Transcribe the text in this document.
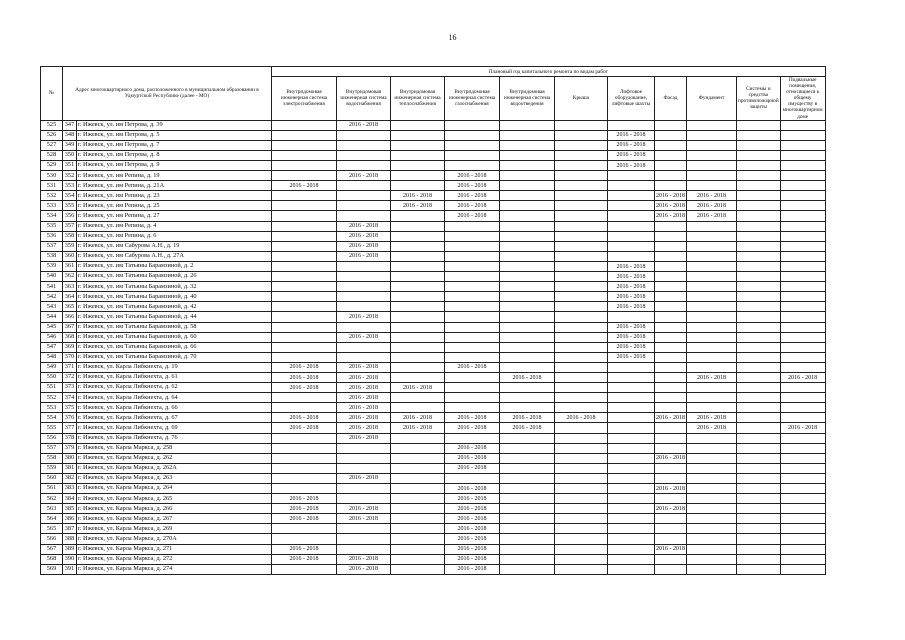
16
№	Адрес многоквартирного дома, расположенного в муниципальном образовании в Удмуртской Республике (далее - МО)		Плановый год капитального ремонта по видам работ										
			Внутридомовая инженерная система электроснабжения	Внутридомовая инженерная система водоснабжения	Внутридомовая инженерная система теплоснабжения	Внутридомовая инженерная система газоснабжения	Внутридомовая инженерная система водоотведения	Крыша	Лифтовое оборудование, лифтовые шахты	Фасад	Фундамент	Системы и средства противопожарной защиты	Подвальные помещения, относящиеся к общему имуществу в многоквартирном доме
525	347	г. Ижевск, ул. им Петрова, д. 39		2016 - 2018									
526	348	г. Ижевск, ул. им Петрова, д. 5							2016 - 2018				
527	349	г. Ижевск, ул. им Петрова, д. 7							2016 - 2018				
528	350	г. Ижевск, ул. им Петрова, д. 8							2016 - 2018				
529	351	г. Ижевск, ул. им Петрова, д. 9							2016 - 2018				
530	352	г. Ижевск, ул. им Репина, д. 19		2016 - 2018		2016 - 2018							
531	353	г. Ижевск, ул. им Репина, д. 21А	2016 - 2018			2016 - 2018							
532	354	г. Ижевск, ул. им Репина, д. 23			2016 - 2018	2016 - 2018				2016 - 2018	2016 - 2018		
533	355	г. Ижевск, ул. им Репина, д. 25			2016 - 2018	2016 - 2018				2016 - 2018	2016 - 2018		
534	356	г. Ижевск, ул. им Репина, д. 27				2016 - 2018				2016 - 2018	2016 - 2018		
535	357	г. Ижевск, ул. им Репина, д. 4		2016 - 2018									
536	358	г. Ижевск, ул. им Репина, д. 6		2016 - 2018									
537	359	г. Ижевск, ул. им Сабурова А.Н., д. 19		2016 - 2018									
538	360	г. Ижевск, ул. им Сабурова А.Н., д. 27А		2016 - 2018									
539	361	г. Ижевск, ул. им Татьяны Барамзиной, д. 2							2016 - 2018				
540	362	г. Ижевск, ул. им Татьяны Барамзиной, д. 26							2016 - 2018				
541	363	г. Ижевск, ул. им Татьяны Барамзиной, д. 32							2016 - 2018				
542	364	г. Ижевск, ул. им Татьяны Барамзиной, д. 40							2016 - 2018				
543	365	г. Ижевск, ул. им Татьяны Барамзиной, д. 42							2016 - 2018				
544	366	г. Ижевск, ул. им Татьяны Барамзиной, д. 44		2016 - 2018									
545	367	г. Ижевск, ул. им Татьяны Барамзиной, д. 58							2016 - 2018				
546	368	г. Ижевск, ул. им Татьяны Барамзиной, д. 60		2016 - 2018					2016 - 2018				
547	369	г. Ижевск, ул. им Татьяны Барамзиной, д. 66							2016 - 2018				
548	370	г. Ижевск, ул. им Татьяны Барамзиной, д. 70							2016 - 2018				
549	371	г. Ижевск, ул. Карла Либкнехта, д. 19	2016 - 2018	2016 - 2018		2016 - 2018							
550	372	г. Ижевск, ул. Карла Либкнехта, д. 61	2016 - 2018	2016 - 2018			2016 - 2018				2016 - 2018		2016 - 2018
551	373	г. Ижевск, ул. Карла Либкнехта, д. 62	2016 - 2018	2016 - 2018	2016 - 2018								
552	374	г. Ижевск, ул. Карла Либкнехта, д. 64		2016 - 2018									
553	375	г. Ижевск, ул. Карла Либкнехта, д. 66		2016 - 2018									
554	376	г. Ижевск, ул. Карла Либкнехта, д. 67	2016 - 2018	2016 - 2018	2016 - 2018	2016 - 2018	2016 - 2018	2016 - 2018		2016 - 2018	2016 - 2018		
555	377	г. Ижевск, ул. Карла Либкнехта, д. 69	2016 - 2018	2016 - 2018	2016 - 2018	2016 - 2018	2016 - 2018				2016 - 2018		2016 - 2018
556	378	г. Ижевск, ул. Карла Либкнехта, д. 76		2016 - 2018									
557	379	г. Ижевск, ул. Карла Маркса, д. 258				2016 - 2018							
558	380	г. Ижевск, ул. Карла Маркса, д. 262				2016 - 2018				2016 - 2018			
559	381	г. Ижевск, ул. Карла Маркса, д. 262А				2016 - 2018							
560	382	г. Ижевск, ул. Карла Маркса, д. 263		2016 - 2018									
561	383	г. Ижевск, ул. Карла Маркса, д. 264				2016 - 2018				2016 - 2018			
562	384	г. Ижевск, ул. Карла Маркса, д. 265	2016 - 2018			2016 - 2018							
563	385	г. Ижевск, ул. Карла Маркса, д. 266	2016 - 2018	2016 - 2018		2016 - 2018				2016 - 2018			
564	386	г. Ижевск, ул. Карла Маркса, д. 267	2016 - 2018	2016 - 2018		2016 - 2018							
565	387	г. Ижевск, ул. Карла Маркса, д. 269				2016 - 2018							
566	388	г. Ижевск, ул. Карла Маркса, д. 270А				2016 - 2018							
567	389	г. Ижевск, ул. Карла Маркса, д. 271	2016 - 2018			2016 - 2018				2016 - 2018			
568	390	г. Ижевск, ул. Карла Маркса, д. 272	2016 - 2018	2016 - 2018		2016 - 2018							
569	391	г. Ижевск, ул. Карла Маркса, д. 274		2016 - 2018		2016 - 2018							
